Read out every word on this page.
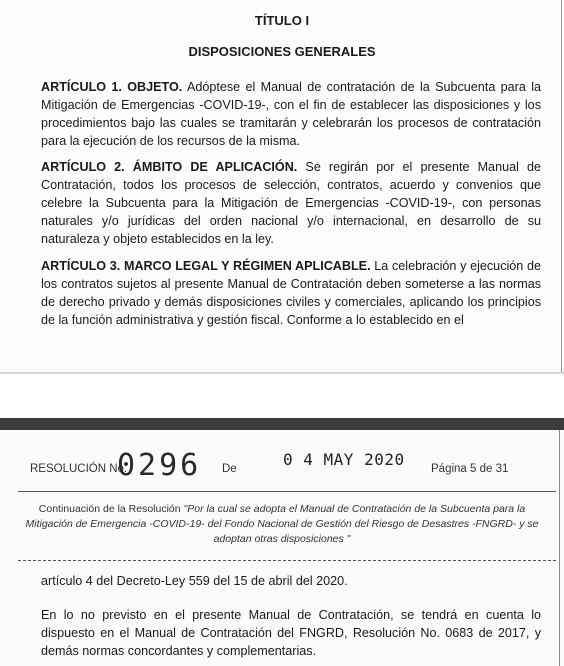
TÍTULO I
DISPOSICIONES GENERALES

ARTÍCULO 1. OBJETO. Adóptese el Manual de contratación de la Subcuenta para la Mitigación de Emergencias -COVID-19-, con el fin de establecer las disposiciones y los procedimientos bajo las cuales se tramitarán y celebrarán los procesos de contratación para la ejecución de los recursos de la misma.

ARTÍCULO 2. ÁMBITO DE APLICACIÓN. Se regirán por el presente Manual de Contratación, todos los procesos de selección, contratos, acuerdo y convenios que celebre la Subcuenta para la Mitigación de Emergencias -COVID-19-, con personas naturales y/o jurídicas del orden nacional y/o internacional, en desarrollo de su naturaleza y objeto establecidos en la ley.

ARTÍCULO 3. MARCO LEGAL Y RÉGIMEN APLICABLE. La celebración y ejecución de los contratos sujetos al presente Manual de Contratación deben someterse a las normas de derecho privado y demás disposiciones civiles y comerciales, aplicando los principios de la función administrativa y gestión fiscal. Conforme a lo establecido en el

RESOLUCIÓN No.
0296 De	0 4 MAY 2020 Página 5 de 31
Continuación de la Resolución "Por la cual se adopta el Manual de Contratación de la Subcuenta para la Mitigación de Emergencia -COVID-19- del Fondo Nacional de Gestión del Riesgo de Desastres -FNGRD- y se adoptan otras disposiciones "

artículo 4 del Decreto-Ley 559 del 15 de abril del 2020.

En lo no previsto en el presente Manual de Contratación, se tendrá en cuenta lo dispuesto en el Manual de Contratación del FNGRD, Resolución No. 0683 de 2017, y demás normas concordantes y complementarias.
